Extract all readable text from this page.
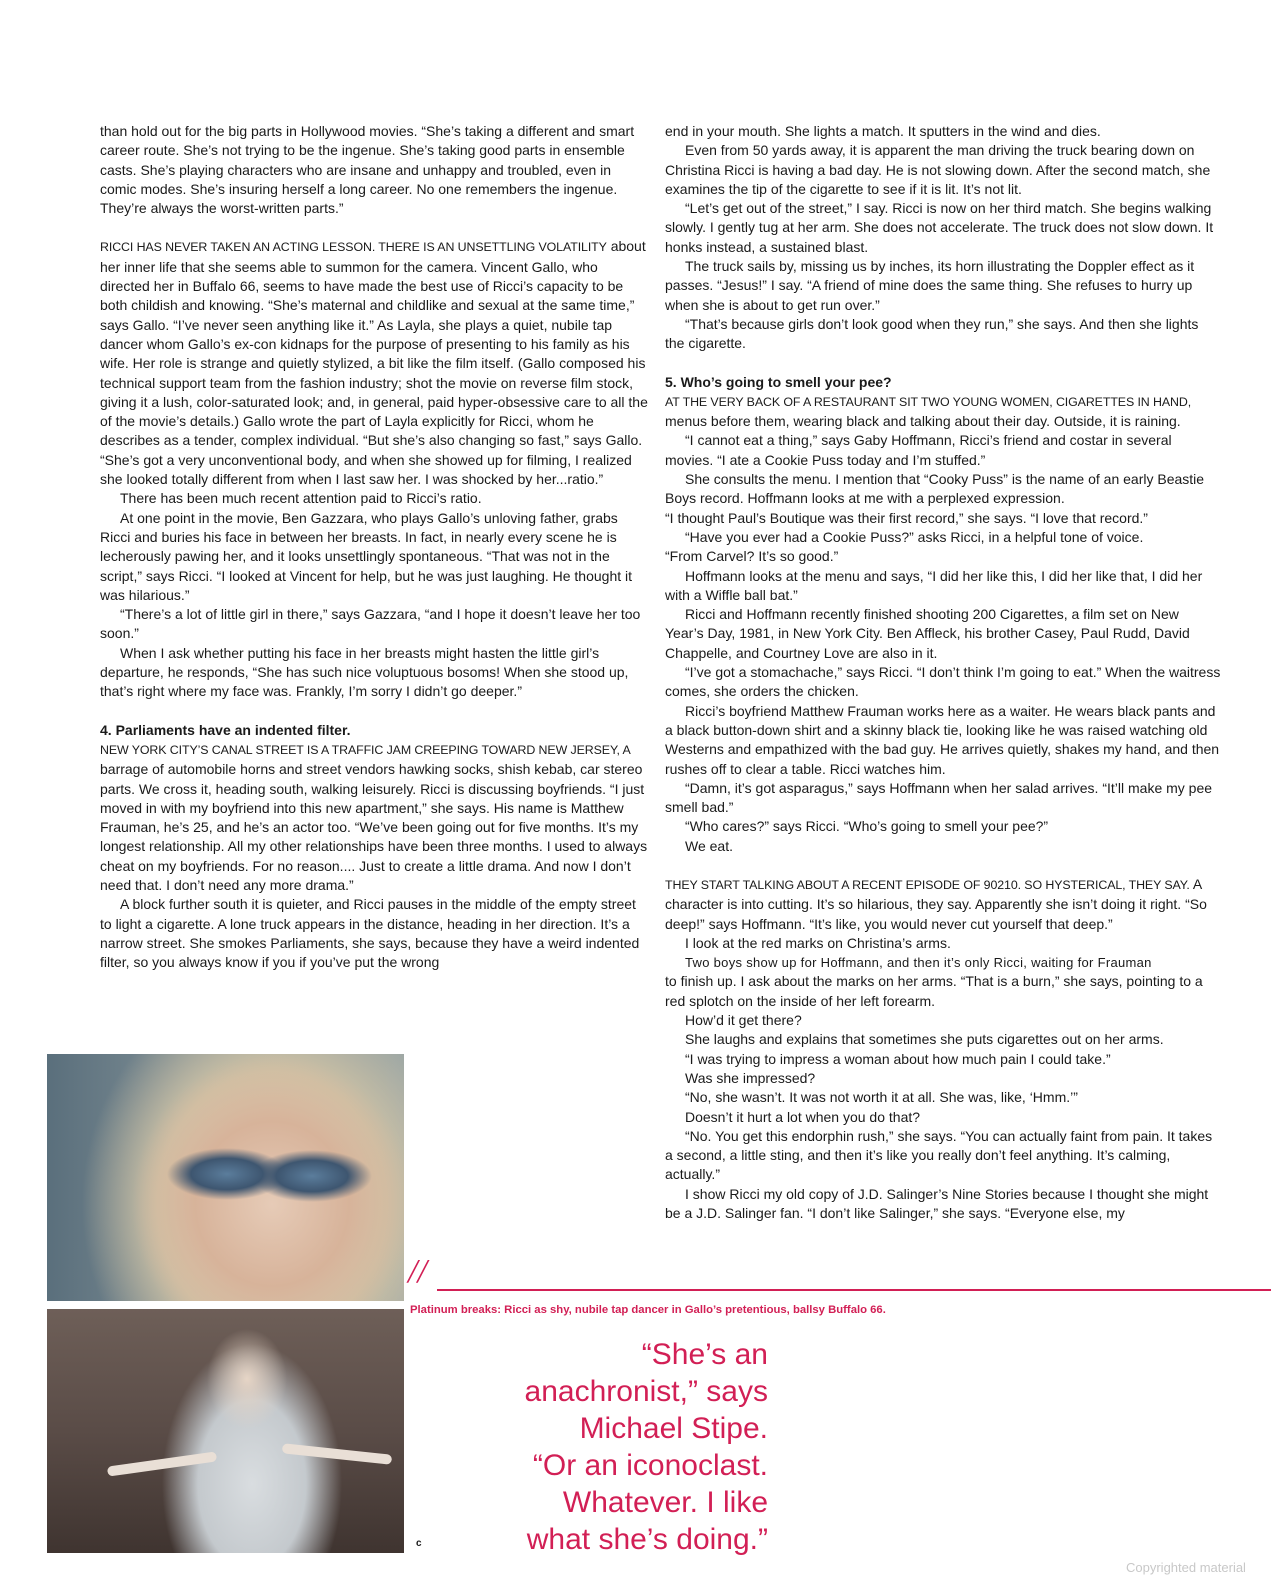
than hold out for the big parts in Hollywood movies. “She’s taking a different and smart career route. She’s not trying to be the ingenue. She’s taking good parts in ensemble casts. She’s playing characters who are insane and unhappy and troubled, even in comic modes. She’s insuring herself a long career. No one remembers the ingenue. They’re always the worst-written parts.”

RICCI HAS NEVER TAKEN AN ACTING LESSON. THERE IS AN UNSETTLING VOLATILITY about her inner life that she seems able to summon for the camera. Vincent Gallo, who directed her in Buffalo 66, seems to have made the best use of Ricci’s capacity to be both childish and knowing. “She’s maternal and childlike and sexual at the same time,” says Gallo. “I’ve never seen anything like it.” As Layla, she plays a quiet, nubile tap dancer whom Gallo’s ex-con kidnaps for the purpose of presenting to his family as his wife. Her role is strange and quietly stylized, a bit like the film itself. (Gallo composed his technical support team from the fashion industry; shot the movie on reverse film stock, giving it a lush, color-saturated look; and, in general, paid hyper-obsessive care to all the of the movie’s details.) Gallo wrote the part of Layla explicitly for Ricci, whom he describes as a tender, complex individual. “But she’s also changing so fast,” says Gallo. “She’s got a very unconventional body, and when she showed up for filming, I realized she looked totally different from when I last saw her. I was shocked by her...ratio.”

There has been much recent attention paid to Ricci’s ratio.

At one point in the movie, Ben Gazzara, who plays Gallo’s unloving father, grabs Ricci and buries his face in between her breasts. In fact, in nearly every scene he is lecherously pawing her, and it looks unsettlingly spontaneous. “That was not in the script,” says Ricci. “I looked at Vincent for help, but he was just laughing. He thought it was hilarious.”

“There’s a lot of little girl in there,” says Gazzara, “and I hope it doesn’t leave her too soon.”

When I ask whether putting his face in her breasts might hasten the little girl’s departure, he responds, “She has such nice voluptuous bosoms! When she stood up, that’s right where my face was. Frankly, I’m sorry I didn’t go deeper.”

4. Parliaments have an indented filter.

NEW YORK CITY’S CANAL STREET IS A TRAFFIC JAM CREEPING TOWARD NEW JERSEY, A barrage of automobile horns and street vendors hawking socks, shish kebab, car stereo parts. We cross it, heading south, walking leisurely. Ricci is discussing boyfriends. “I just moved in with my boyfriend into this new apartment,” she says. His name is Matthew Frauman, he’s 25, and he’s an actor too. “We’ve been going out for five months. It’s my longest relationship. All my other relationships have been three months. I used to always cheat on my boyfriends. For no reason.... Just to create a little drama. And now I don’t need that. I don’t need any more drama.”

A block further south it is quieter, and Ricci pauses in the middle of the empty street to light a cigarette. A lone truck appears in the distance, heading in her direction. It’s a narrow street. She smokes Parliaments, she says, because they have a weird indented filter, so you always know if you if you’ve put the wrong

end in your mouth. She lights a match. It sputters in the wind and dies.

Even from 50 yards away, it is apparent the man driving the truck bearing down on Christina Ricci is having a bad day. He is not slowing down. After the second match, she examines the tip of the cigarette to see if it is lit. It’s not lit.

“Let’s get out of the street,” I say. Ricci is now on her third match. She begins walking slowly. I gently tug at her arm. She does not accelerate. The truck does not slow down. It honks instead, a sustained blast.

The truck sails by, missing us by inches, its horn illustrating the Doppler effect as it passes. “Jesus!” I say. “A friend of mine does the same thing. She refuses to hurry up when she is about to get run over.”

“That’s because girls don’t look good when they run,” she says. And then she lights the cigarette.

5. Who’s going to smell your pee?

AT THE VERY BACK OF A RESTAURANT SIT TWO YOUNG WOMEN, CIGARETTES IN HAND, menus before them, wearing black and talking about their day. Outside, it is raining.

“I cannot eat a thing,” says Gaby Hoffmann, Ricci’s friend and costar in several movies. “I ate a Cookie Puss today and I’m stuffed.”

She consults the menu. I mention that “Cooky Puss” is the name of an early Beastie Boys record. Hoffmann looks at me with a perplexed expression.

“I thought Paul’s Boutique was their first record,” she says. “I love that record.”

“Have you ever had a Cookie Puss?” asks Ricci, in a helpful tone of voice.

“From Carvel? It’s so good.”

Hoffmann looks at the menu and says, “I did her like this, I did her like that, I did her with a Wiffle ball bat.”

Ricci and Hoffmann recently finished shooting 200 Cigarettes, a film set on New Year’s Day, 1981, in New York City. Ben Affleck, his brother Casey, Paul Rudd, David Chappelle, and Courtney Love are also in it.

“I’ve got a stomachache,” says Ricci. “I don’t think I’m going to eat.” When the waitress comes, she orders the chicken.

Ricci’s boyfriend Matthew Frauman works here as a waiter. He wears black pants and a black button-down shirt and a skinny black tie, looking like he was raised watching old Westerns and empathized with the bad guy. He arrives quietly, shakes my hand, and then rushes off to clear a table. Ricci watches him.

“Damn, it’s got asparagus,” says Hoffmann when her salad arrives. “It’ll make my pee smell bad.”

“Who cares?” says Ricci. “Who’s going to smell your pee?”

We eat.

THEY START TALKING ABOUT A RECENT EPISODE OF 90210. SO HYSTERICAL, THEY SAY. A character is into cutting. It’s so hilarious, they say. Apparently she isn’t doing it right. “So deep!” says Hoffmann. “It’s like, you would never cut yourself that deep.”

I look at the red marks on Christina’s arms.

Two boys show up for Hoffmann, and then it’s only Ricci, waiting for Frauman

to finish up. I ask about the marks on her arms. “That is a burn,” she says, pointing to a red splotch on the inside of her left forearm.

How’d it get there?

She laughs and explains that sometimes she puts cigarettes out on her arms.

“I was trying to impress a woman about how much pain I could take.”

Was she impressed?

“No, she wasn’t. It was not worth it at all. She was, like, ‘Hmm.’”

Doesn’t it hurt a lot when you do that?

“No. You get this endorphin rush,” she says. “You can actually faint from pain. It takes a second, a little sting, and then it’s like you really don’t feel anything. It’s calming, actually.”

I show Ricci my old copy of J.D. Salinger’s Nine Stories because I thought she might be a J.D. Salinger fan. “I don’t like Salinger,” she says. “Everyone else, my

c
//
Platinum breaks: Ricci as shy, nubile tap dancer in Gallo’s pretentious, ballsy Buffalo 66.

“She’s an

anachronist,” says

Michael Stipe.

“Or an iconoclast.

Whatever. I like

what she’s doing.”

Copyrighted material
